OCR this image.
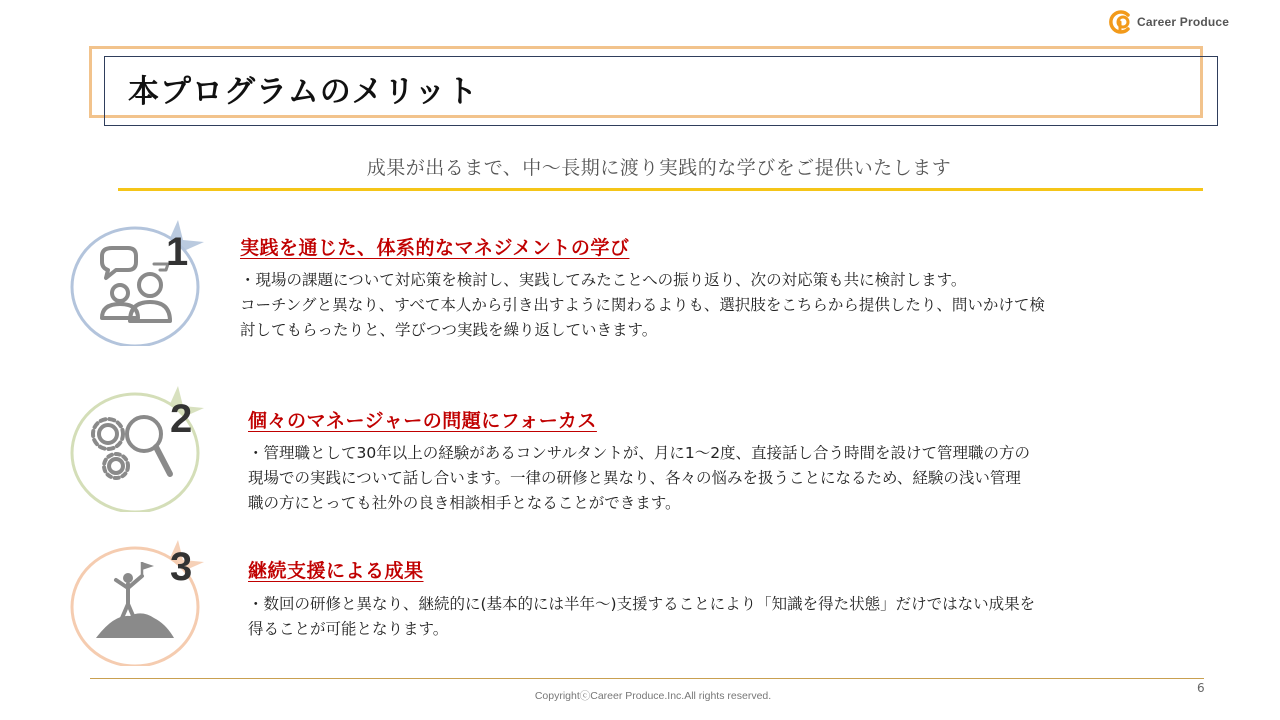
Career Produce
本プログラムのメリット
成果が出るまで、中～長期に渡り実践的な学びをご提供いたします
1	実践を通じた、体系的なマネジメントの学び
・現場の課題について対応策を検討し、実践してみたことへの振り返り、次の対応策も共に検討します。
コーチングと異なり、すべて本人から引き出すように関わるよりも、選択肢をこちらから提供したり、問いかけて検
討してもらったりと、学びつつ実践を繰り返していきます。
2	個々のマネージャーの問題にフォーカス
・管理職として30年以上の経験があるコンサルタントが、月に1～2度、直接話し合う時間を設けて管理職の方の
現場での実践について話し合います。一律の研修と異なり、各々の悩みを扱うことになるため、経験の浅い管理
職の方にとっても社外の良き相談相手となることができます。
3	継続支援による成果
・数回の研修と異なり、継続的に(基本的には半年～)支援することにより「知識を得た状態」だけではない成果を
得ることが可能となります。
6
CopyrightⓒCareer Produce.Inc.All rights reserved.
